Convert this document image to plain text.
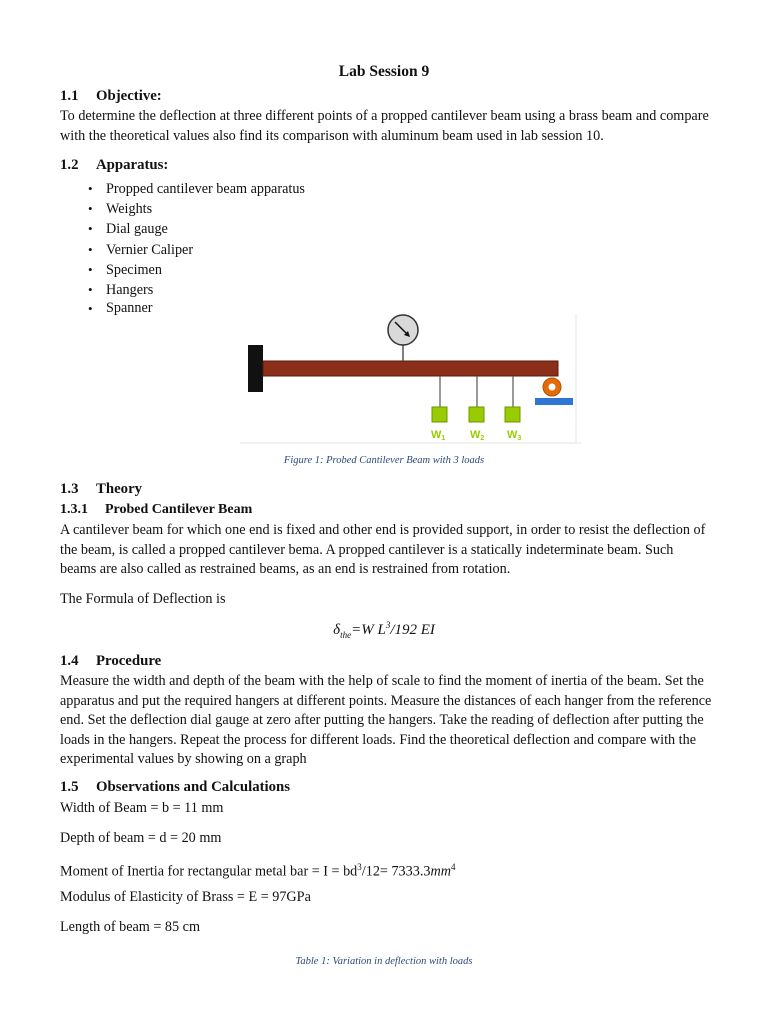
Lab Session 9
1.1 Objective:
To determine the deflection at three different points of a propped cantilever beam using a brass beam and compare with the theoretical values also find its comparison with aluminum beam used in lab session 10.
1.2 Apparatus:
• Propped cantilever beam apparatus
• Weights
• Dial gauge
• Vernier Caliper
• Specimen
• Hangers
• Spanner
W1 W2 W3
Figure 1: Probed Cantilever Beam with 3 loads
1.3 Theory
1.3.1 Probed Cantilever Beam
A cantilever beam for which one end is fixed and other end is provided support, in order to resist the deflection of the beam, is called a propped cantilever bema. A propped cantilever is a statically indeterminate beam. Such beams are also called as restrained beams, as an end is restrained from rotation.
The Formula of Deflection is
$\delta_{the}=W$ $L^3/192$ EI
1.4 Procedure
Measure the width and depth of the beam with the help of scale to find the moment of inertia of the beam. Set the apparatus and put the required hangers at different points. Measure the distances of each hanger from the reference end. Set the deflection dial gauge at zero after putting the hangers. Take the reading of deflection after putting the loads in the hangers. Repeat the process for different loads. Find the theoretical deflection and compare with the experimental values by showing on a graph
1.5 Observations and Calculations
Width of Beam = b = 11 mm
Depth of beam = d = 20 mm
Moment of Inertia for rectangular metal bar = $I = bd^3/12= 7333.3mm^4$
Modulus of Elasticity of Brass = E = 97GPa
Length of beam = 85 cm
Table 1: Variation in deflection with loads
